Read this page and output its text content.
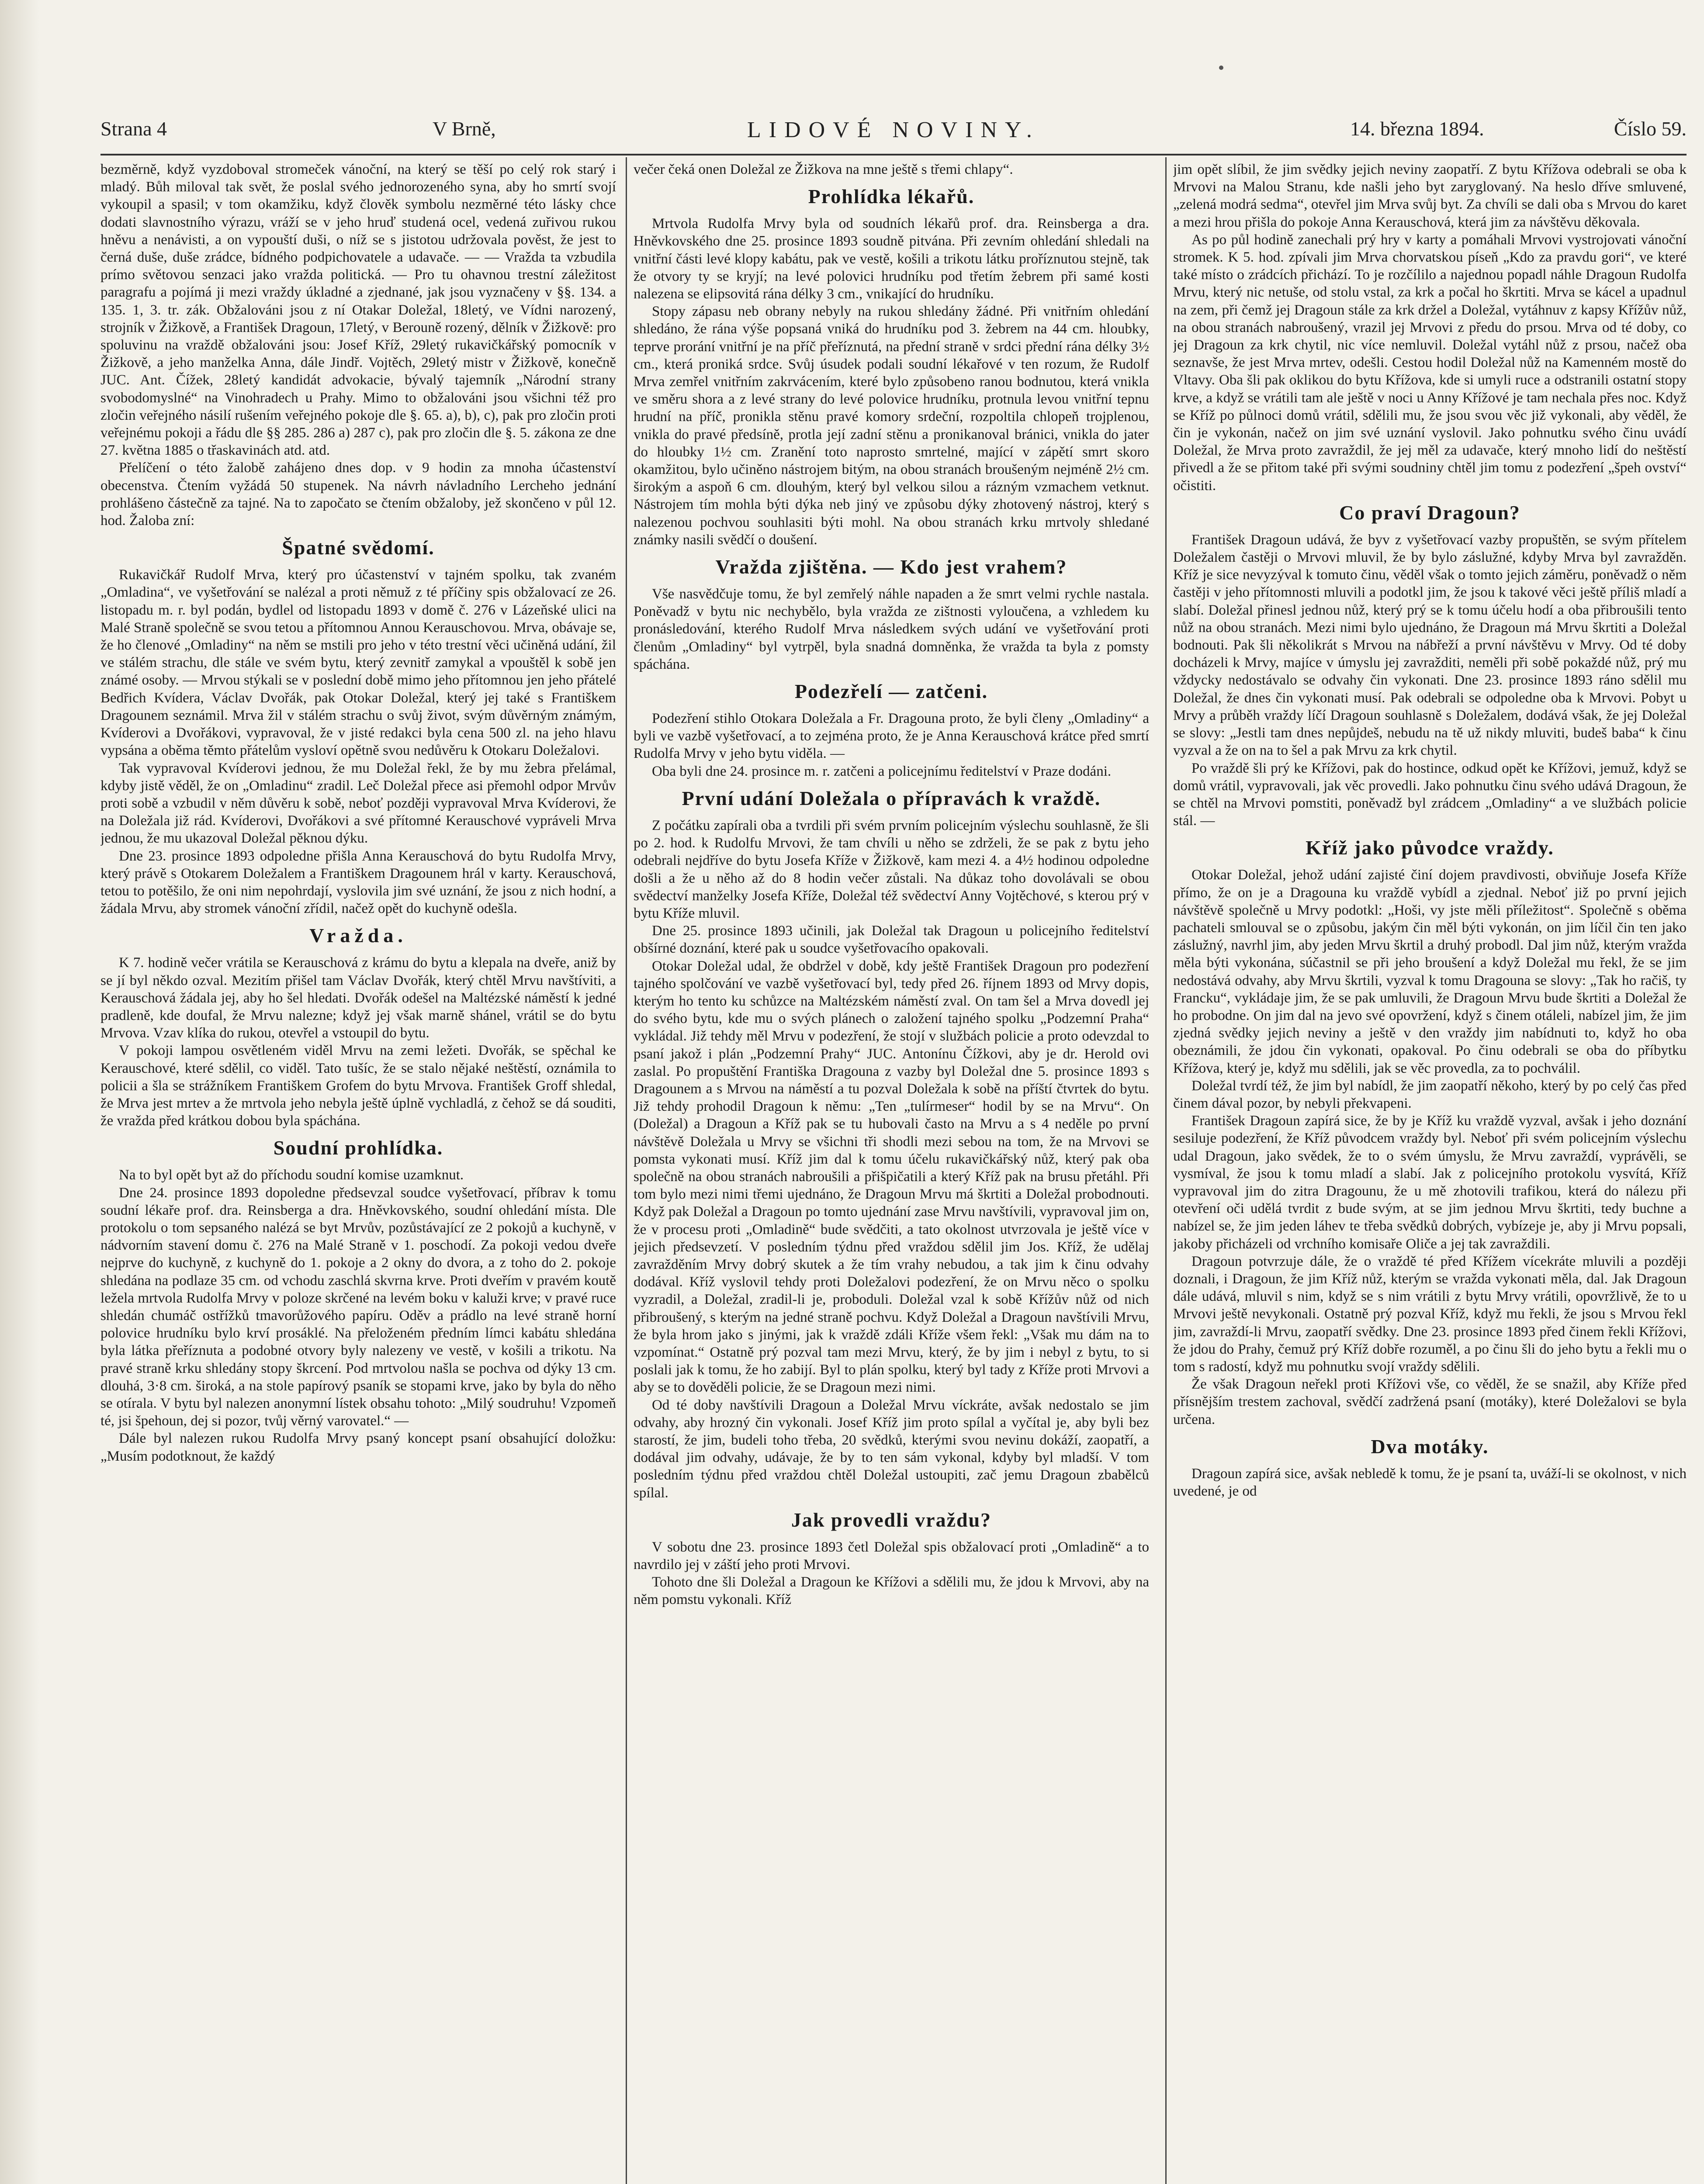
Strana 4	V Brně,	LIDOVÉ NOVINY.	14. března 1894.	Číslo 59.

bezměrně, když vyzdoboval stromeček vánoční, na který se těší po celý rok starý i mladý. Bůh miloval tak svět, že poslal svého jednorozeného syna, aby ho smrtí svojí vykoupil a spasil; v tom okamžiku, když člověk symbolu nezměrné této lásky chce dodati slavnostního výrazu, vráží se v jeho hruď studená ocel, vedená zuřivou rukou hněvu a nenávisti, a on vypouští duši, o níž se s jistotou udržovala pověst, že jest to černá duše, duše zrádce, bídného podpichovatele a udavače. — — Vražda ta vzbudila prímo světovou senzaci jako vražda politická. — Pro tu ohavnou trestní záležitost paragrafu a pojímá ji mezi vraždy úkladné a zjednané, jak jsou vyznačeny v §§. 134. a 135. 1, 3. tr. zák. Obžalováni jsou z ní Otakar Doležal, 18letý, ve Vídni narozený, strojník v Žižkově, a František Dragoun, 17letý, v Berouně rozený, dělník v Žižkově: pro spoluvinu na vraždě obžalováni jsou: Josef Kříž, 29letý rukavičkářský pomocník v Žižkově, a jeho manželka Anna, dále Jindř. Vojtěch, 29letý mistr v Žižkově, konečně JUC. Ant. Čížek, 28letý kandidát advokacie, bývalý tajemník „Národní strany svobodomyslné“ na Vinohradech u Prahy. Mimo to obžalováni jsou všichni též pro zločin veřejného násilí rušením veřejného pokoje dle §. 65. a), b), c), pak pro zločin proti veřejnému pokoji a řádu dle §§ 285. 286 a) 287 c), pak pro zločin dle §. 5. zákona ze dne 27. května 1885 o třaskavinách atd. atd.

Přelíčení o této žalobě zahájeno dnes dop. v 9 hodin za mnoha účastenství obecenstva. Čtením vyžádá 50 stupenek. Na návrh návladního Lercheho jednání prohlášeno částečně za tajné. Na to započato se čtením obžaloby, jež skončeno v půl 12. hod. Žaloba zní:

Špatné svědomí.

Rukavičkář Rudolf Mrva, který pro účastenství v tajném spolku, tak zvaném „Omladina“, ve vyšetřování se nalézal a proti němuž z té příčiny spis obžalovací ze 26. listopadu m. r. byl podán, bydlel od listopadu 1893 v domě č. 276 v Lázeňské ulici na Malé Straně společně se svou tetou a přítomnou Annou Kerauschovou. Mrva, obávaje se, že ho členové „Omladiny“ na něm se mstili pro jeho v této trestní věci učiněná udání, žil ve stálém strachu, dle stále ve svém bytu, který zevnitř zamykal a vpouštěl k sobě jen známé osoby. — Mrvou stýkali se v poslední době mimo jeho přítomnou jen jeho přátelé Bedřich Kvídera, Václav Dvořák, pak Otokar Doležal, který jej také s Františkem Dragounem seznámil. Mrva žil v stálém strachu o svůj život, svým důvěrným známým, Kvíderovi a Dvořákovi, vypravoval, že v jisté redakci byla cena 500 zl. na jeho hlavu vypsána a oběma těmto přátelům vysloví opětně svou nedůvěru k Otokaru Doležalovi.

Tak vypravoval Kvíderovi jednou, že mu Doležal řekl, že by mu žebra přelámal, kdyby jistě věděl, že on „Omladinu“ zradil. Leč Doležal přece asi přemohl odpor Mrvův proti sobě a vzbudil v něm důvěru k sobě, neboť později vypravoval Mrva Kvíderovi, že na Doležala již rád. Kvíderovi, Dvořákovi a své přítomné Kerauschové vypráveli Mrva jednou, že mu ukazoval Doležal pěknou dýku.

Dne 23. prosince 1893 odpoledne přišla Anna Kerauschová do bytu Rudolfa Mrvy, který právě s Otokarem Doležalem a Františkem Dragounem hrál v karty. Kerauschová, tetou to potěšilo, že oni nim nepohrdají, vyslovila jim své uznání, že jsou z nich hodní, a žádala Mrvu, aby stromek vánoční zřídil, načež opět do kuchyně odešla.

Vražda.

K 7. hodině večer vrátila se Kerauschová z krámu do bytu a klepala na dveře, aniž by se jí byl někdo ozval. Mezitím přišel tam Václav Dvořák, který chtěl Mrvu navštíviti, a Kerauschová žádala jej, aby ho šel hledati. Dvořák odešel na Maltézské náměstí k jedné pradleně, kde doufal, že Mrvu nalezne; když jej však marně shánel, vrátil se do bytu Mrvova. Vzav klíka do rukou, otevřel a vstoupil do bytu.

V pokoji lampou osvětleném viděl Mrvu na zemi ležeti. Dvořák, se spěchal ke Kerauschové, které sdělil, co viděl. Tato tušíc, že se stalo nějaké neštěstí, oznámila to policii a šla se strážníkem Františkem Grofem do bytu Mrvova. František Groff shledal, že Mrva jest mrtev a že mrtvola jeho nebyla ještě úplně vychladlá, z čehož se dá souditi, že vražda před krátkou dobou byla spáchána.

Soudní prohlídka.

Na to byl opět byt až do příchodu soudní komise uzamknut.

Dne 24. prosince 1893 dopoledne předsevzal soudce vyšetřovací, příbrav k tomu soudní lékaře prof. dra. Reinsberga a dra. Hněvkovského, soudní ohledání místa. Dle protokolu o tom sepsaného nalézá se byt Mrvův, pozůstávající ze 2 pokojů a kuchyně, v nádvorním stavení domu č. 276 na Malé Straně v 1. poschodí. Za pokoji vedou dveře nejprve do kuchyně, z kuchyně do 1. pokoje a 2 okny do dvora, a z toho do 2. pokoje shledána na podlaze 35 cm. od vchodu zaschlá skvrna krve. Proti dveřím v pravém koutě ležela mrtvola Rudolfa Mrvy v poloze skrčené na levém boku v kaluži krve; v pravé ruce shledán chumáč ostřížků tmavorůžového papíru. Oděv a prádlo na levé straně horní polovice hrudníku bylo krví prosáklé. Na přeloženém předním límci kabátu shledána byla látka přeříznuta a podobné otvory byly nalezeny ve vestě, v košili a trikotu. Na pravé straně krku shledány stopy škrcení. Pod mrtvolou našla se pochva od dýky 13 cm. dlouhá, 3·8 cm. široká, a na stole papírový psaník se stopami krve, jako by byla do něho se otírala. V bytu byl nalezen anonymní lístek obsahu tohoto: „Milý soudruhu! Vzpomeň té, jsi špehoun, dej si pozor, tvůj věrný varovatel.“ —

Dále byl nalezen rukou Rudolfa Mrvy psaný koncept psaní obsahující doložku: „Musím podotknout, že každý

večer čeká onen Doležal ze Žižkova na mne ještě s třemi chlapy“.

Prohlídka lékařů.

Mrtvola Rudolfa Mrvy byla od soudních lékařů prof. dra. Reinsberga a dra. Hněvkovského dne 25. prosince 1893 soudně pitvána. Při zevním ohledání shledali na vnitřní části levé klopy kabátu, pak ve vestě, košili a trikotu látku proříznutou stejně, tak že otvory ty se kryjí; na levé polovici hrudníku pod třetím žebrem při samé kosti nalezena se elipsovitá rána délky 3 cm., vnikající do hrudníku.

Stopy zápasu neb obrany nebyly na rukou shledány žádné. Při vnitřním ohledání shledáno, že rána výše popsaná vniká do hrudníku pod 3. žebrem na 44 cm. hloubky, teprve prorání vnitřní je na příč přeříznutá, na přední straně v srdci přední rána délky 3½ cm., která proniká srdce. Svůj úsudek podali soudní lékařové v ten rozum, že Rudolf Mrva zemřel vnitřním zakrvácením, které bylo způsobeno ranou bodnutou, která vnikla ve směru shora a z levé strany do levé polovice hrudníku, protnula levou vnitřní tepnu hrudní na příč, pronikla stěnu pravé komory srdeční, rozpoltila chlopeň trojplenou, vnikla do pravé předsíně, protla její zadní stěnu a pronikanoval bránici, vnikla do jater do hloubky 1½ cm. Zranění toto naprosto smrtelné, mající v zápětí smrt skoro okamžitou, bylo učiněno nástrojem bitým, na obou stranách broušeným nejméně 2½ cm. širokým a aspoň 6 cm. dlouhým, který byl velkou silou a rázným vzmachem vetknut. Nástrojem tím mohla býti dýka neb jiný ve způsobu dýky zhotovený nástroj, který s nalezenou pochvou souhlasiti býti mohl. Na obou stranách krku mrtvoly shledané známky nasili svědčí o doušení.

Vražda zjištěna. — Kdo jest vrahem?

Vše nasvědčuje tomu, že byl zemřelý náhle napaden a že smrt velmi rychle nastala. Poněvadž v bytu nic nechybělo, byla vražda ze zištnosti vyloučena, a vzhledem ku pronásledování, kterého Rudolf Mrva následkem svých udání ve vyšetřování proti členům „Omladiny“ byl vytrpěl, byla snadná domněnka, že vražda ta byla z pomsty spáchána.

Podezřelí — zatčeni.

Podezření stihlo Otokara Doležala a Fr. Dragouna proto, že byli členy „Omladiny“ a byli ve vazbě vyšetřovací, a to zejména proto, že je Anna Kerauschová krátce před smrtí Rudolfa Mrvy v jeho bytu viděla. —

Oba byli dne 24. prosince m. r. zatčeni a policejnímu ředitelství v Praze dodáni.

První udání Doležala o přípravách k vraždě.

Z počátku zapírali oba a tvrdili při svém prvním policejním výslechu souhlasně, že šli po 2. hod. k Rudolfu Mrvovi, že tam chvíli u něho se zdrželi, že se pak z bytu jeho odebrali nejdříve do bytu Josefa Kříže v Žižkově, kam mezi 4. a 4½ hodinou odpoledne došli a že u něho až do 8 hodin večer zůstali. Na důkaz toho dovolávali se obou svědectví manželky Josefa Kříže, Doležal též svědectví Anny Vojtěchové, s kterou prý v bytu Kříže mluvil.

Dne 25. prosince 1893 učinili, jak Doležal tak Dragoun u policejního ředitelství obšírné doznání, které pak u soudce vyšetřovacího opakovali.

Otokar Doležal udal, že obdržel v době, kdy ještě František Dragoun pro podezření tajného spolčování ve vazbě vyšetřovací byl, tedy před 26. říjnem 1893 od Mrvy dopis, kterým ho tento ku schůzce na Maltézském náměstí zval. On tam šel a Mrva dovedl jej do svého bytu, kde mu o svých plánech o založení tajného spolku „Podzemní Praha“ vykládal. Již tehdy měl Mrvu v podezření, že stojí v službách policie a proto odevzdal to psaní jakož i plán „Podzemní Prahy“ JUC. Antonínu Čížkovi, aby je dr. Herold ovi zaslal. Po propuštění Františka Dragouna z vazby byl Doležal dne 5. prosince 1893 s Dragounem a s Mrvou na náměstí a tu pozval Doležala k sobě na příští čtvrtek do bytu. Již tehdy prohodil Dragoun k němu: „Ten „tulírmeser“ hodil by se na Mrvu“. On (Doležal) a Dragoun a Kříž pak se tu hubovali často na Mrvu a s 4 neděle po první návštěvě Doležala u Mrvy se všichni tři shodli mezi sebou na tom, že na Mrvovi se pomsta vykonati musí. Kříž jim dal k tomu účelu rukavičkářský nůž, který pak oba společně na obou stranách nabroušili a přišpičatili a který Kříž pak na brusu přetáhl. Při tom bylo mezi nimi třemi ujednáno, že Dragoun Mrvu má škrtiti a Doležal probodnouti. Když pak Doležal a Dragoun po tomto ujednání zase Mrvu navštívili, vypravoval jim on, že v procesu proti „Omladině“ bude svědčiti, a tato okolnost utvrzovala je ještě více v jejich předsevzetí. V posledním týdnu před vraždou sdělil jim Jos. Kříž, že udělaj zavražděním Mrvy dobrý skutek a že tím vrahy nebudou, a tak jim k činu odvahy dodával. Kříž vyslovil tehdy proti Doležalovi podezření, že on Mrvu něco o spolku vyzradil, a Doležal, zradil-li je, proboduli. Doležal vzal k sobě Křížův nůž od nich přibroušený, s kterým na jedné straně pochvu. Když Doležal a Dragoun navštívili Mrvu, že byla hrom jako s jinými, jak k vraždě zdáli Kříže všem řekl: „Však mu dám na to vzpomínat.“ Ostatně prý pozval tam mezi Mrvu, který, že by jim i nebyl z bytu, to si poslali jak k tomu, že ho zabijí. Byl to plán spolku, který byl tady z Kříže proti Mrvovi a aby se to dověděli policie, že se Dragoun mezi nimi.

Od té doby navštívili Dragoun a Doležal Mrvu víckráte, avšak nedostalo se jim odvahy, aby hrozný čin vykonali. Josef Kříž jim proto spílal a vyčítal je, aby byli bez starostí, že jim, budeli toho třeba, 20 svědků, kterými svou nevinu dokáží, zaopatří, a dodával jim odvahy, udávaje, že by to ten sám vykonal, kdyby byl mladší. V tom posledním týdnu před vraždou chtěl Doležal ustoupiti, zač jemu Dragoun zbabělců spílal.

Jak provedli vraždu?

V sobotu dne 23. prosince 1893 četl Doležal spis obžalovací proti „Omladině“ a to navrdilo jej v záští jeho proti Mrvovi.

Tohoto dne šli Doležal a Dragoun ke Křížovi a sdělili mu, že jdou k Mrvovi, aby na něm pomstu vykonali. Kříž

jim opět slíbil, že jim svědky jejich neviny zaopatří. Z bytu Křížova odebrali se oba k Mrvovi na Malou Stranu, kde našli jeho byt zaryglovaný. Na heslo dříve smluvené, „zelená modrá sedma“, otevřel jim Mrva svůj byt. Za chvíli se dali oba s Mrvou do karet a mezi hrou přišla do pokoje Anna Kerauschová, která jim za návštěvu děkovala.

As po půl hodině zanechali prý hry v karty a pomáhali Mrvovi vystrojovati vánoční stromek. K 5. hod. zpívali jim Mrva chorvatskou píseň „Kdo za pravdu gori“, ve které také místo o zrádcích přichází. To je rozčílilo a najednou popadl náhle Dragoun Rudolfa Mrvu, který nic netuše, od stolu vstal, za krk a počal ho škrtiti. Mrva se kácel a upadnul na zem, při čemž jej Dragoun stále za krk držel a Doležal, vytáhnuv z kapsy Křížův nůž, na obou stranách nabroušený, vrazil jej Mrvovi z předu do prsou. Mrva od té doby, co jej Dragoun za krk chytil, nic více nemluvil. Doležal vytáhl nůž z prsou, načež oba seznavše, že jest Mrva mrtev, odešli. Cestou hodil Doležal nůž na Kamenném mostě do Vltavy. Oba šli pak oklikou do bytu Křížova, kde si umyli ruce a odstranili ostatní stopy krve, a když se vrátili tam ale ještě v noci u Anny Křížové je tam nechala přes noc. Když se Kříž po půlnoci domů vrátil, sdělili mu, že jsou svou věc již vykonali, aby věděl, že čin je vykonán, načež on jim své uznání vyslovil. Jako pohnutku svého činu uvádí Doležal, že Mrva proto zavraždil, že jej měl za udavače, který mnoho lidí do neštěstí přivedl a že se přitom také při svými soudniny chtěl jim tomu z podezření „špeh ovství“ očistiti.

Co praví Dragoun?

František Dragoun udává, že byv z vyšetřovací vazby propuštěn, se svým přítelem Doležalem častěji o Mrvovi mluvil, že by bylo záslužné, kdyby Mrva byl zavražděn. Kříž je sice nevyzýval k tomuto činu, věděl však o tomto jejich záměru, poněvadž o něm častěji v jeho přítomnosti mluvili a podotkl jim, že jsou k takové věci ještě příliš mladí a slabí. Doležal přinesl jednou nůž, který prý se k tomu účelu hodí a oba přibroušili tento nůž na obou stranách. Mezi nimi bylo ujednáno, že Dragoun má Mrvu škrtiti a Doležal bodnouti. Pak šli několikrát s Mrvou na nábřeží a první návštěvu v Mrvy. Od té doby docházeli k Mrvy, majíce v úmyslu jej zavražditi, neměli při sobě pokaždé nůž, prý mu vždycky nedostávalo se odvahy čin vykonati. Dne 23. prosince 1893 ráno sdělil mu Doležal, že dnes čin vykonati musí. Pak odebrali se odpoledne oba k Mrvovi. Pobyt u Mrvy a průběh vraždy líčí Dragoun souhlasně s Doležalem, dodává však, že jej Doležal se slovy: „Jestli tam dnes nepůjdeš, nebudu na tě už nikdy mluviti, budeš baba“ k činu vyzval a že on na to šel a pak Mrvu za krk chytil.

Po vraždě šli prý ke Křížovi, pak do hostince, odkud opět ke Křížovi, jemuž, když se domů vrátil, vypravovali, jak věc provedli. Jako pohnutku činu svého udává Dragoun, že se chtěl na Mrvovi pomstiti, poněvadž byl zrádcem „Omladiny“ a ve službách policie stál. —

Kříž jako původce vraždy.

Otokar Doležal, jehož udání zajisté činí dojem pravdivosti, obviňuje Josefa Kříže přímo, že on je a Dragouna ku vraždě vybídl a zjednal. Neboť již po první jejich návštěvě společně u Mrvy podotkl: „Hoši, vy jste měli příležitost“. Společně s oběma pachateli smlouval se o způsobu, jakým čin měl býti vykonán, on jim líčil čin ten jako záslužný, navrhl jim, aby jeden Mrvu škrtil a druhý probodl. Dal jim nůž, kterým vražda měla býti vykonána, súčastnil se při jeho broušení a když Doležal mu řekl, že se jim nedostává odvahy, aby Mrvu škrtili, vyzval k tomu Dragouna se slovy: „Tak ho račiš, ty Francku“, vykládaje jim, že se pak umluvili, že Dragoun Mrvu bude škrtiti a Doležal že ho probodne. On jim dal na jevo své opovržení, když s činem otáleli, nabízel jim, že jim zjedná svědky jejich neviny a ještě v den vraždy jim nabídnuti to, když ho oba obeznámili, že jdou čin vykonati, opakoval. Po činu odebrali se oba do příbytku Křížova, který je, když mu sdělili, jak se věc provedla, za to pochválil.

Doležal tvrdí též, že jim byl nabídl, že jim zaopatří někoho, který by po celý čas před činem dával pozor, by nebyli překvapeni.

František Dragoun zapírá sice, že by je Kříž ku vraždě vyzval, avšak i jeho doznání sesiluje podezření, že Kříž původcem vraždy byl. Neboť při svém policejním výslechu udal Dragoun, jako svědek, že to o svém úmyslu, že Mrvu zavraždí, vyprávěli, se vysmíval, že jsou k tomu mladí a slabí. Jak z policejního protokolu vysvítá, Kříž vypravoval jim do zitra Dragounu, že u mě zhotovili trafikou, která do nálezu při otevření oči udělá tvrdit z bude svým, at se jim jednou Mrvu škrtiti, tedy buchne a nabízel se, že jim jeden láhev te třeba svědků dobrých, vybízeje je, aby ji Mrvu popsali, jakoby přicházeli od vrchního komisaře Oliče a jej tak zavraždili.

Dragoun potvrzuje dále, že o vraždě té před Křížem vícekráte mluvili a později doznali, i Dragoun, že jim Kříž nůž, kterým se vražda vykonati měla, dal. Jak Dragoun dále udává, mluvil s nim, když se s nim vrátili z bytu Mrvy vrátili, opovržlivě, že to u Mrvovi ještě nevykonali. Ostatně prý pozval Kříž, když mu řekli, že jsou s Mrvou řekl jim, zavraždí-li Mrvu, zaopatří svědky. Dne 23. prosince 1893 před činem řekli Křížovi, že jdou do Prahy, čemuž prý Kříž dobře rozuměl, a po činu šli do jeho bytu a řekli mu o tom s radostí, když mu pohnutku svojí vraždy sdělili.

Že však Dragoun neřekl proti Křížovi vše, co věděl, že se snažil, aby Kříže před přísnějším trestem zachoval, svědčí zadržená psaní (motáky), které Doležalovi se byla určena.

Dva motáky.

Dragoun zapírá sice, avšak nebledě k tomu, že je psaní ta, uváží-li se okolnost, v nich uvedené, je od
